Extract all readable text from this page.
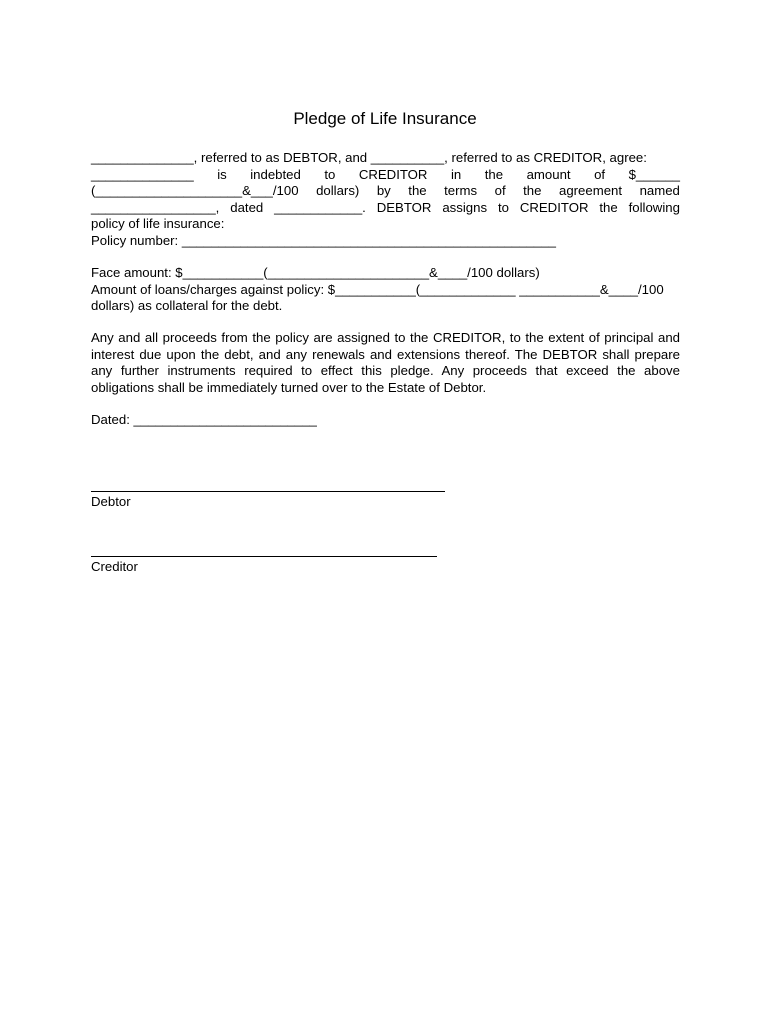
Pledge of Life Insurance
______________, referred to as DEBTOR, and __________, referred to as CREDITOR, agree:
______________ is indebted to CREDITOR in the amount of $______
(____________________&___/100 dollars) by the terms of the agreement named
_________________, dated ____________. DEBTOR assigns to CREDITOR the following
policy of life insurance:
Policy number: ___________________________________________________
Face amount: $___________(______________________&____/100 dollars)
Amount of loans/charges against policy: $___________(_____________ ___________&____/100
dollars) as collateral for the debt.
Any and all proceeds from the policy are assigned to the CREDITOR, to the extent of principal and interest due upon the debt, and any renewals and extensions thereof. The DEBTOR shall prepare any further instruments required to effect this pledge. Any proceeds that exceed the above obligations shall be immediately turned over to the Estate of Debtor.
Dated: _________________________
Debtor
Creditor
